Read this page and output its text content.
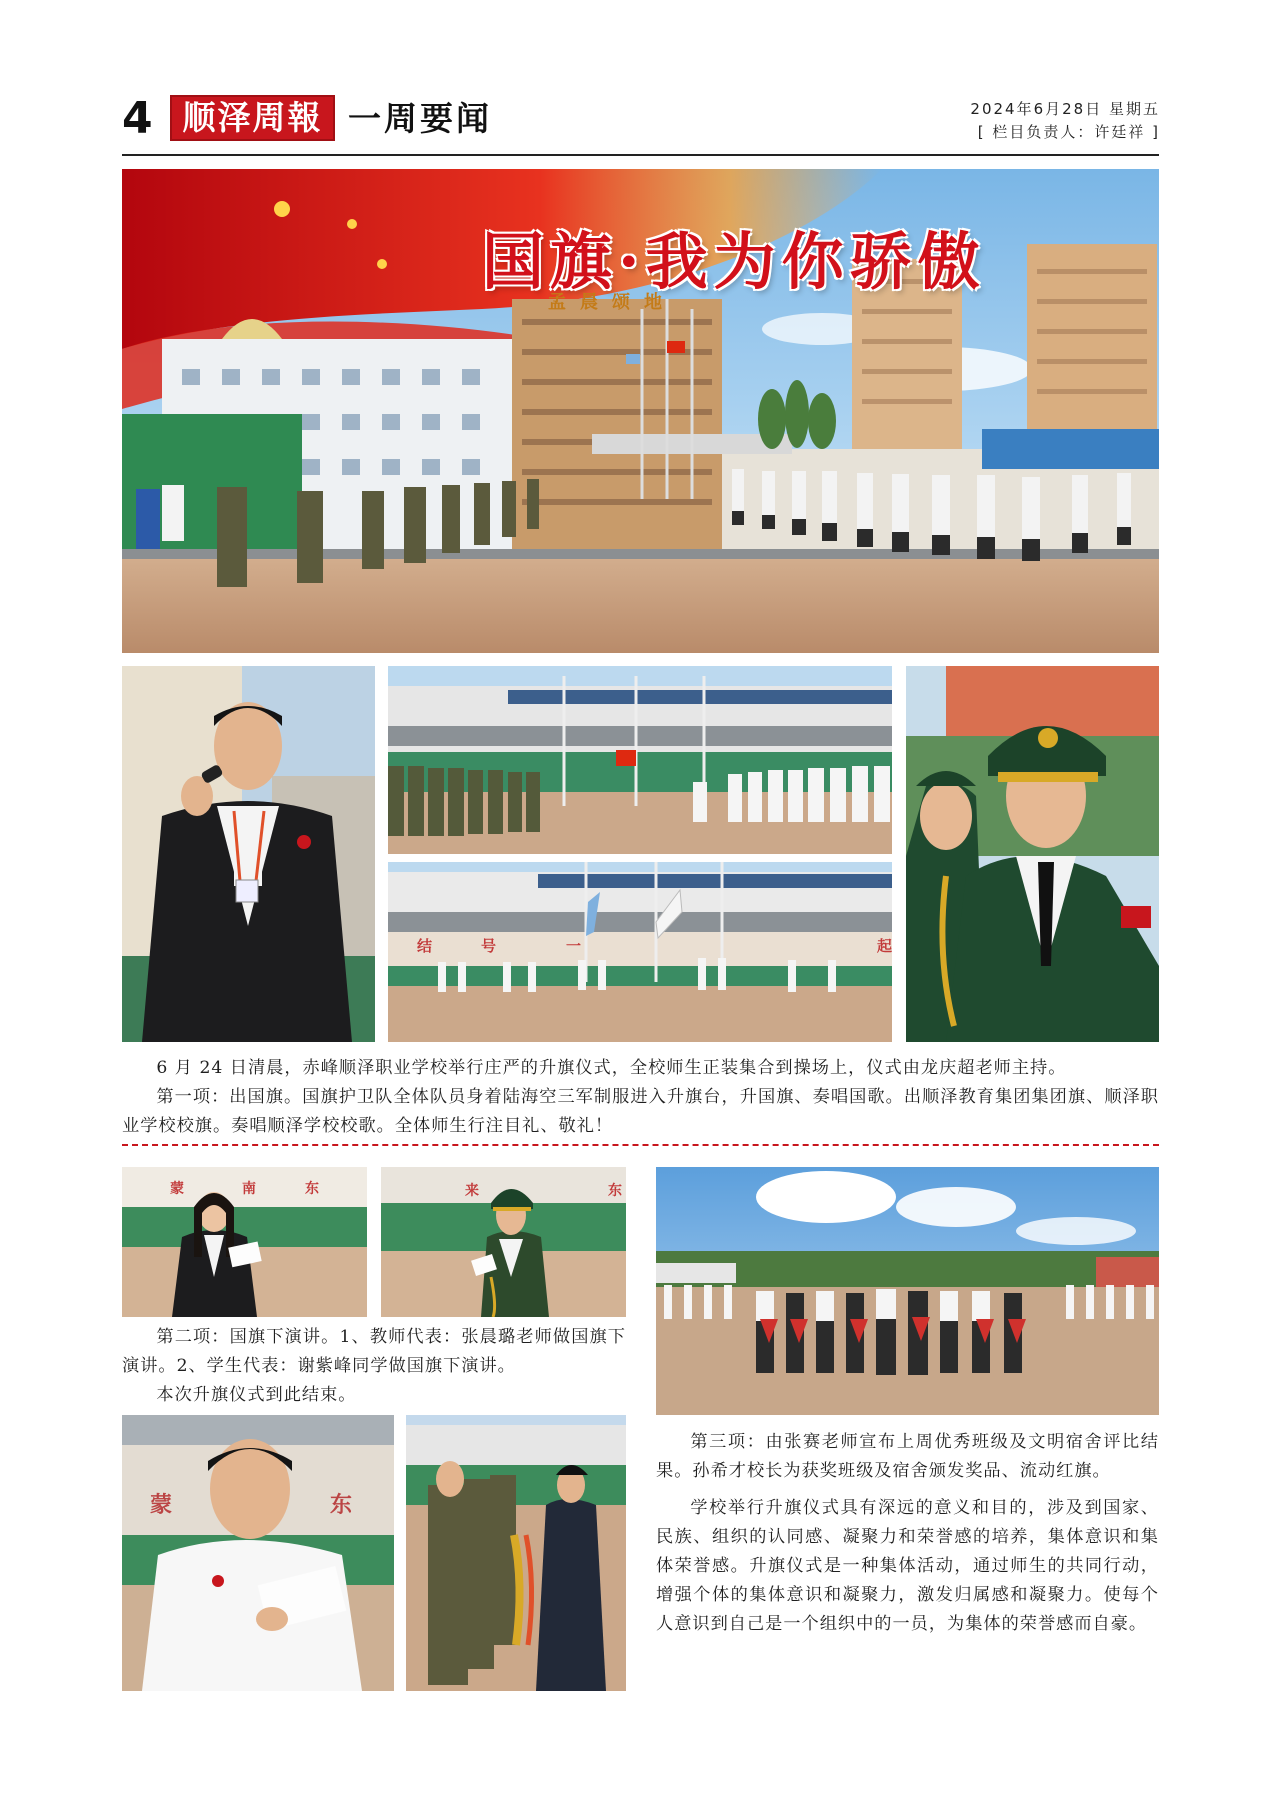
4 顺泽周報 一周要闻	2024年6月28日 星期五
[ 栏目负责人：许廷祥 ]
国旗·我为你骄傲
孟晨颂地
结	号	一	起

6 月 24 日清晨，赤峰顺泽职业学校举行庄严的升旗仪式，全校师生正装集合到操场上，仪式由龙庆超老师主持。

第一项：出国旗。国旗护卫队全体队员身着陆海空三军制服进入升旗台，升国旗、奏唱国歌。出顺泽教育集团集团旗、顺泽职业学校校旗。奏唱顺泽学校校歌。全体师生行注目礼、敬礼！

蒙	南	东	来	东

第二项：国旗下演讲。1、教师代表：张晨璐老师做国旗下演讲。2、学生代表：谢紫峰同学做国旗下演讲。

本次升旗仪式到此结束。

蒙	东

第三项：由张赛老师宣布上周优秀班级及文明宿舍评比结果。孙希才校长为获奖班级及宿舍颁发奖品、流动红旗。

学校举行升旗仪式具有深远的意义和目的，涉及到国家、民族、组织的认同感、凝聚力和荣誉感的培养，集体意识和集体荣誉感。升旗仪式是一种集体活动，通过师生的共同行动，增强个体的集体意识和凝聚力，激发归属感和凝聚力。使每个人意识到自己是一个组织中的一员，为集体的荣誉感而自豪。
